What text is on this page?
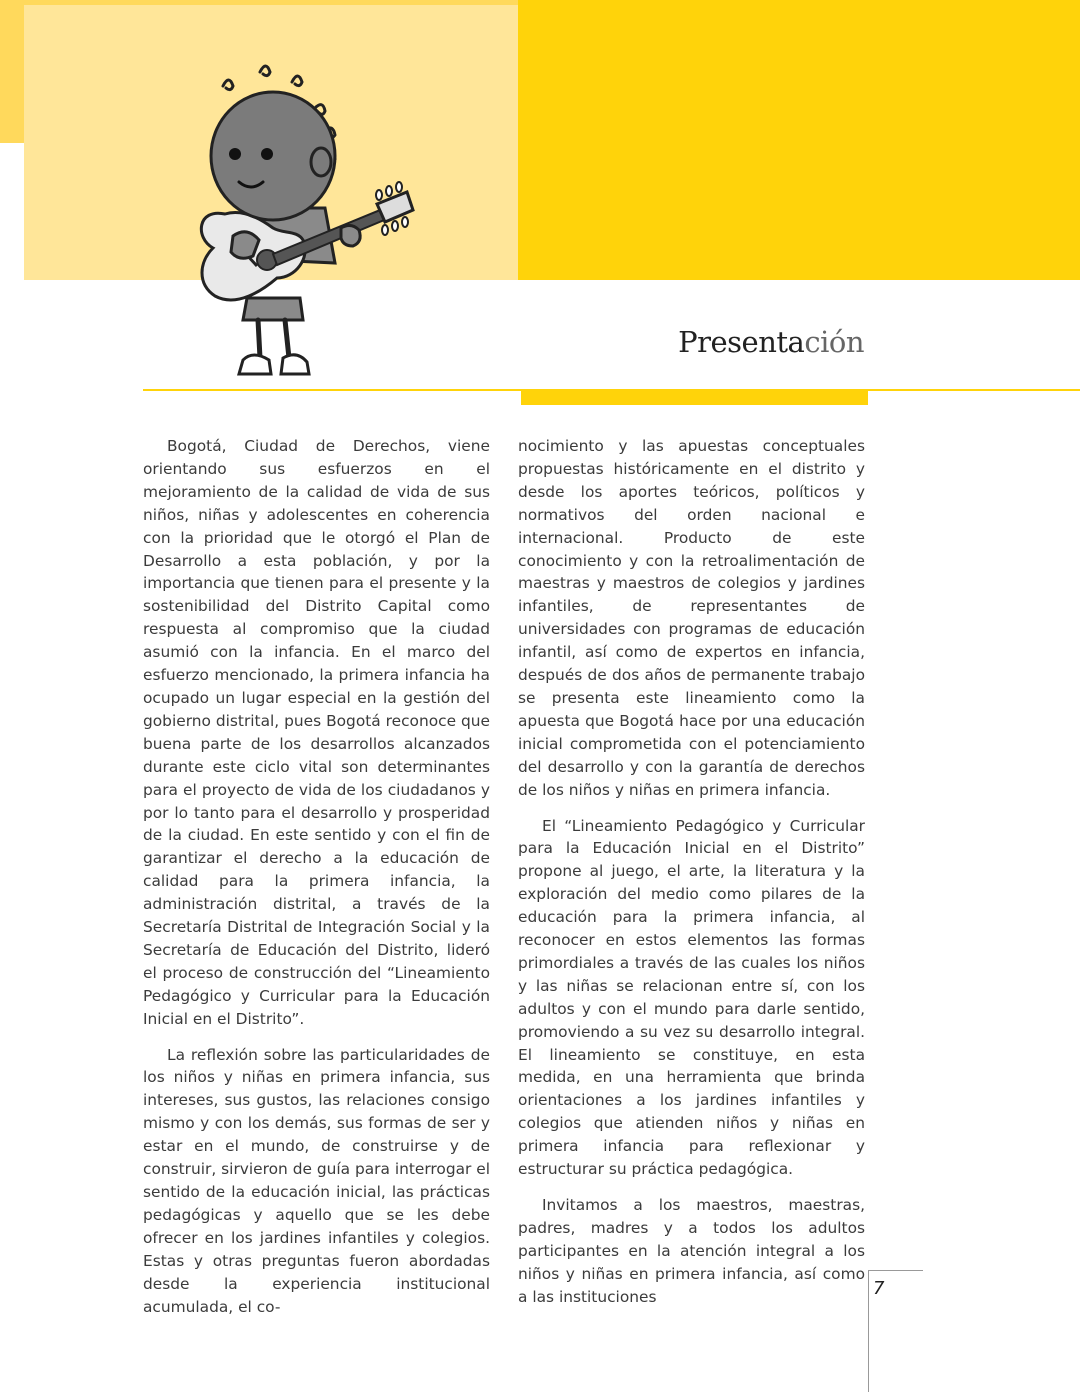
Presentación

Bogotá, Ciudad de Derechos, viene orientando sus esfuerzos en el mejoramiento de la calidad de vida de sus niños, niñas y adolescentes en coherencia con la prioridad que le otorgó el Plan de Desarrollo a esta población, y por la importancia que tienen para el presente y la sostenibilidad del Distrito Capital como respuesta al compromiso que la ciudad asumió con la infancia. En el marco del esfuerzo mencionado, la primera infancia ha ocupado un lugar especial en la gestión del gobierno distrital, pues Bogotá reconoce que buena parte de los desarrollos alcanzados durante este ciclo vital son determinantes para el proyecto de vida de los ciudadanos y por lo tanto para el desarrollo y prosperidad de la ciudad. En este sentido y con el fin de garantizar el derecho a la educación de calidad para la primera infancia, la administración distrital, a través de la Secretaría Distrital de Integración Social y la Secretaría de Educación del Distrito, lideró el proceso de construcción del “Lineamiento Pedagógico y Curricular para la Educación Inicial en el Distrito”.

La reflexión sobre las particularidades de los niños y niñas en primera infancia, sus intereses, sus gustos, las relaciones consigo mismo y con los demás, sus formas de ser y estar en el mundo, de construirse y de construir, sirvieron de guía para interrogar el sentido de la educación inicial, las prácticas pedagógicas y aquello que se les debe ofrecer en los jardines infantiles y colegios. Estas y otras preguntas fueron abordadas desde la experiencia institucional acumulada, el co-

nocimiento y las apuestas conceptuales propuestas históricamente en el distrito y desde los aportes teóricos, políticos y normativos del orden nacional e internacional. Producto de este conocimiento y con la retroalimentación de maestras y maestros de colegios y jardines infantiles, de representantes de universidades con programas de educación infantil, así como de expertos en infancia, después de dos años de permanente trabajo se presenta este lineamiento como la apuesta que Bogotá hace por una educación inicial comprometida con el potenciamiento del desarrollo y con la garantía de derechos de los niños y niñas en primera infancia.

El “Lineamiento Pedagógico y Curricular para la Educación Inicial en el Distrito” propone al juego, el arte, la literatura y la exploración del medio como pilares de la educación para la primera infancia, al reconocer en estos elementos las formas primordiales a través de las cuales los niños y las niñas se relacionan entre sí, con los adultos y con el mundo para darle sentido, promoviendo a su vez su desarrollo integral. El lineamiento se constituye, en esta medida, en una herramienta que brinda orientaciones a los jardines infantiles y colegios que atienden niños y niñas en primera infancia para reflexionar y estructurar su práctica pedagógica.

Invitamos a los maestros, maestras, padres, madres y a todos los adultos participantes en la atención integral a los niños y niñas en primera infancia, así como a las instituciones	7
